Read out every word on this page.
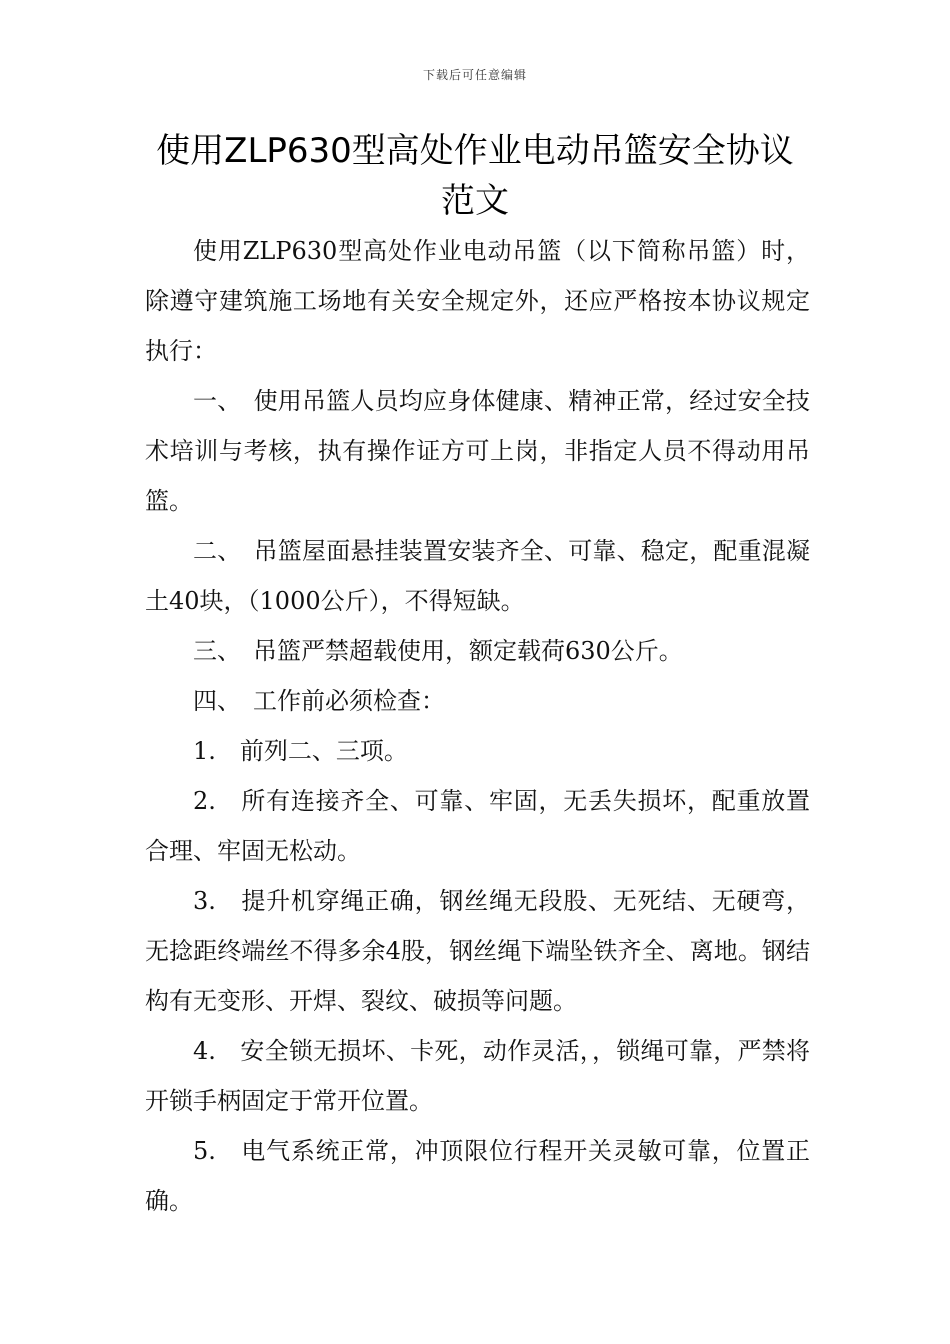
下载后可任意编辑
使用ZLP630型高处作业电动吊篮安全协议范文

使用ZLP630型高处作业电动吊篮（以下简称吊篮）时，除遵守建筑施工场地有关安全规定外，还应严格按本协议规定执行：

一、　使用吊篮人员均应身体健康、精神正常，经过安全技术培训与考核，执有操作证方可上岗，非指定人员不得动用吊篮。

二、　吊篮屋面悬挂装置安装齐全、可靠、稳定，配重混凝土40块，（1000公斤），不得短缺。

三、　吊篮严禁超载使用，额定载荷630公斤。

四、　工作前必须检查：

1.　前列二、三项。

2.　所有连接齐全、可靠、牢固，无丢失损坏，配重放置合理、牢固无松动。

3.　提升机穿绳正确，钢丝绳无段股、无死结、无硬弯，无捻距终端丝不得多余4股，钢丝绳下端坠铁齐全、离地。钢结构有无变形、开焊、裂纹、破损等问题。

4.　安全锁无损坏、卡死，动作灵活，，锁绳可靠，严禁将开锁手柄固定于常开位置。

5.　电气系统正常，冲顶限位行程开关灵敏可靠，位置正确。
